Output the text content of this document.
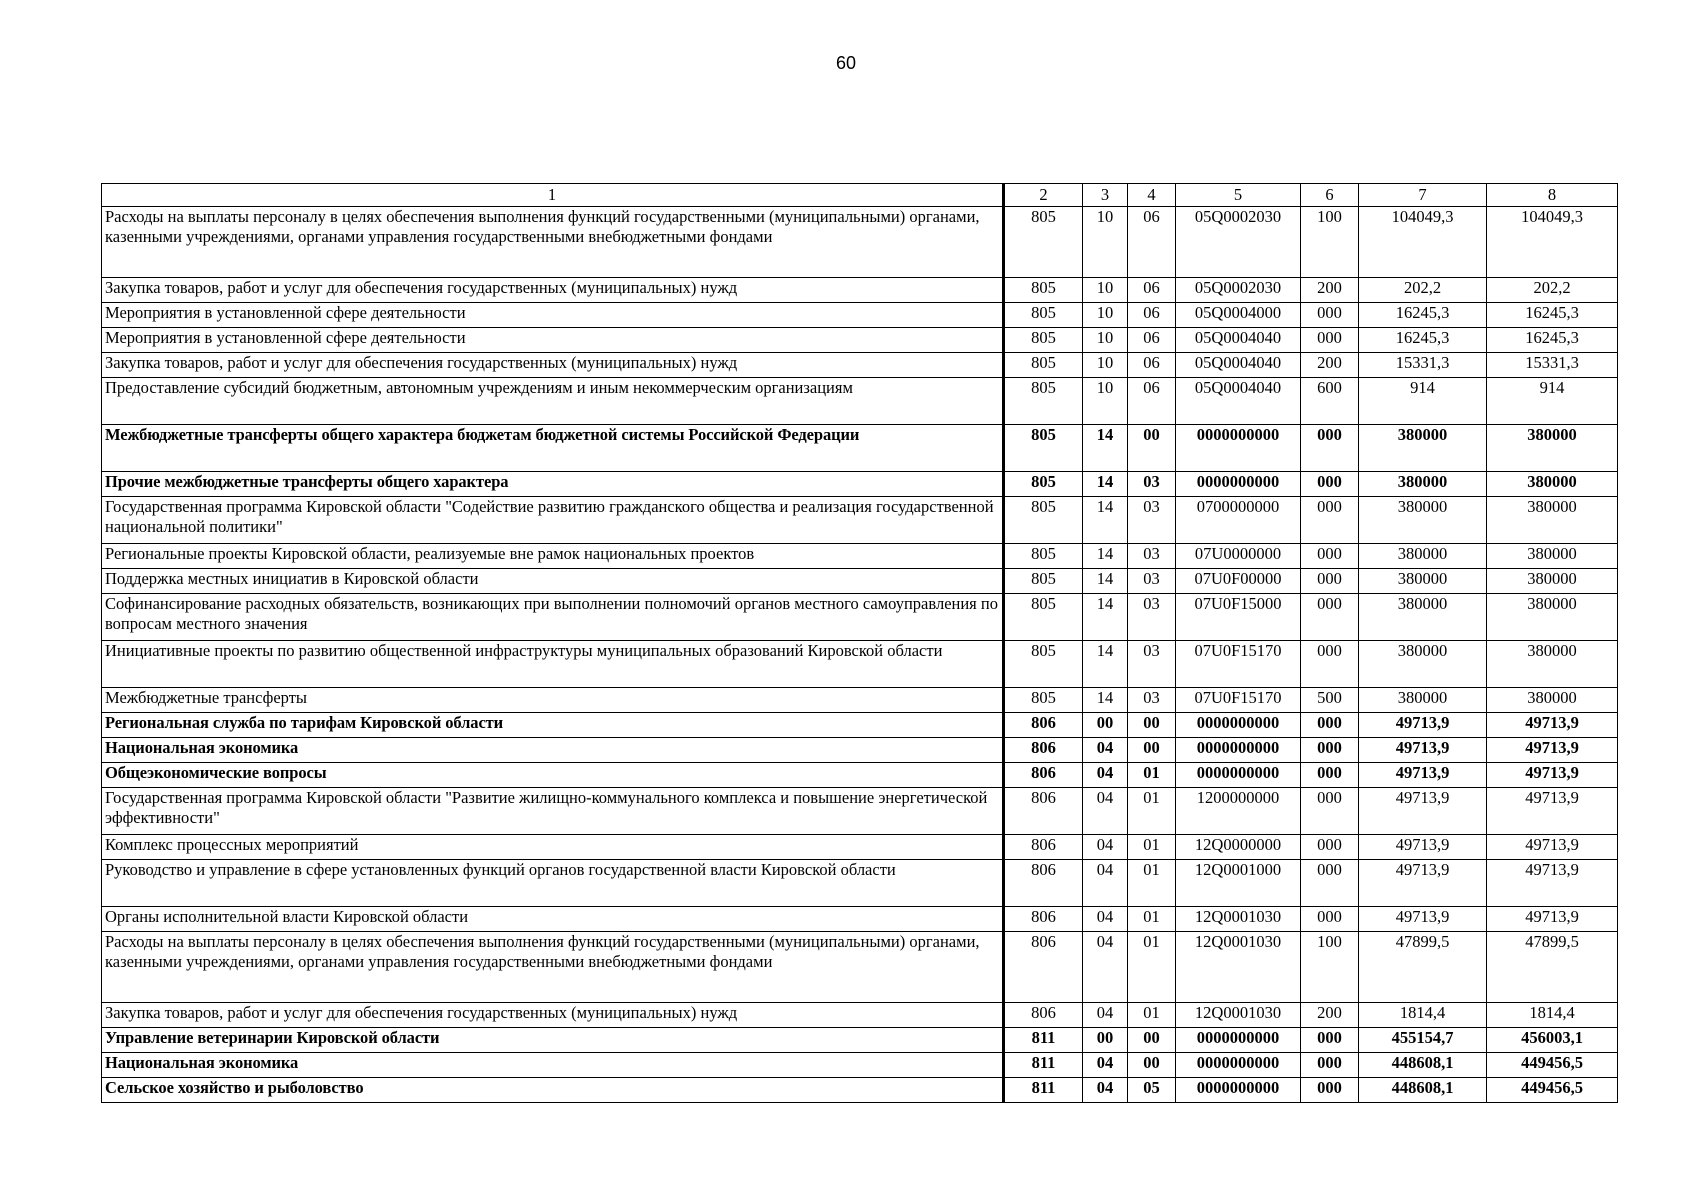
60
1	2	3	4	5	6	7	8
Расходы на выплаты персоналу в целях обеспечения выполнения функций государственными (муниципальными) органами, казенными учреждениями, органами управления государственными внебюджетными фондами	805	10	06	05Q0002030	100	104049,3	104049,3
Закупка товаров, работ и услуг для обеспечения государственных (муниципальных) нужд	805	10	06	05Q0002030	200	202,2	202,2
Мероприятия в установленной сфере деятельности	805	10	06	05Q0004000	000	16245,3	16245,3
Мероприятия в установленной сфере деятельности	805	10	06	05Q0004040	000	16245,3	16245,3
Закупка товаров, работ и услуг для обеспечения государственных (муниципальных) нужд	805	10	06	05Q0004040	200	15331,3	15331,3
Предоставление субсидий бюджетным, автономным учреждениям и иным некоммерческим организациям	805	10	06	05Q0004040	600	914	914
Межбюджетные трансферты общего характера бюджетам бюджетной системы Российской Федерации	805	14	00	0000000000	000	380000	380000
Прочие межбюджетные трансферты общего характера	805	14	03	0000000000	000	380000	380000
Государственная программа Кировской области "Содействие развитию гражданского общества и реализация государственной национальной политики"	805	14	03	0700000000	000	380000	380000
Региональные проекты Кировской области, реализуемые вне рамок национальных проектов	805	14	03	07U0000000	000	380000	380000
Поддержка местных инициатив в Кировской области	805	14	03	07U0F00000	000	380000	380000
Софинансирование расходных обязательств, возникающих при выполнении полномочий органов местного самоуправления по вопросам местного значения	805	14	03	07U0F15000	000	380000	380000
Инициативные проекты по развитию общественной инфраструктуры муниципальных образований Кировской области	805	14	03	07U0F15170	000	380000	380000
Межбюджетные трансферты	805	14	03	07U0F15170	500	380000	380000
Региональная служба по тарифам Кировской области	806	00	00	0000000000	000	49713,9	49713,9
Национальная экономика	806	04	00	0000000000	000	49713,9	49713,9
Общеэкономические вопросы	806	04	01	0000000000	000	49713,9	49713,9
Государственная программа Кировской области "Развитие жилищно-коммунального комплекса и повышение энергетической эффективности"	806	04	01	1200000000	000	49713,9	49713,9
Комплекс процессных мероприятий	806	04	01	12Q0000000	000	49713,9	49713,9
Руководство и управление в сфере установленных функций органов государственной власти Кировской области	806	04	01	12Q0001000	000	49713,9	49713,9
Органы исполнительной власти Кировской области	806	04	01	12Q0001030	000	49713,9	49713,9
Расходы на выплаты персоналу в целях обеспечения выполнения функций государственными (муниципальными) органами, казенными учреждениями, органами управления государственными внебюджетными фондами	806	04	01	12Q0001030	100	47899,5	47899,5
Закупка товаров, работ и услуг для обеспечения государственных (муниципальных) нужд	806	04	01	12Q0001030	200	1814,4	1814,4
Управление ветеринарии Кировской области	811	00	00	0000000000	000	455154,7	456003,1
Национальная экономика	811	04	00	0000000000	000	448608,1	449456,5
Сельское хозяйство и рыболовство	811	04	05	0000000000	000	448608,1	449456,5
